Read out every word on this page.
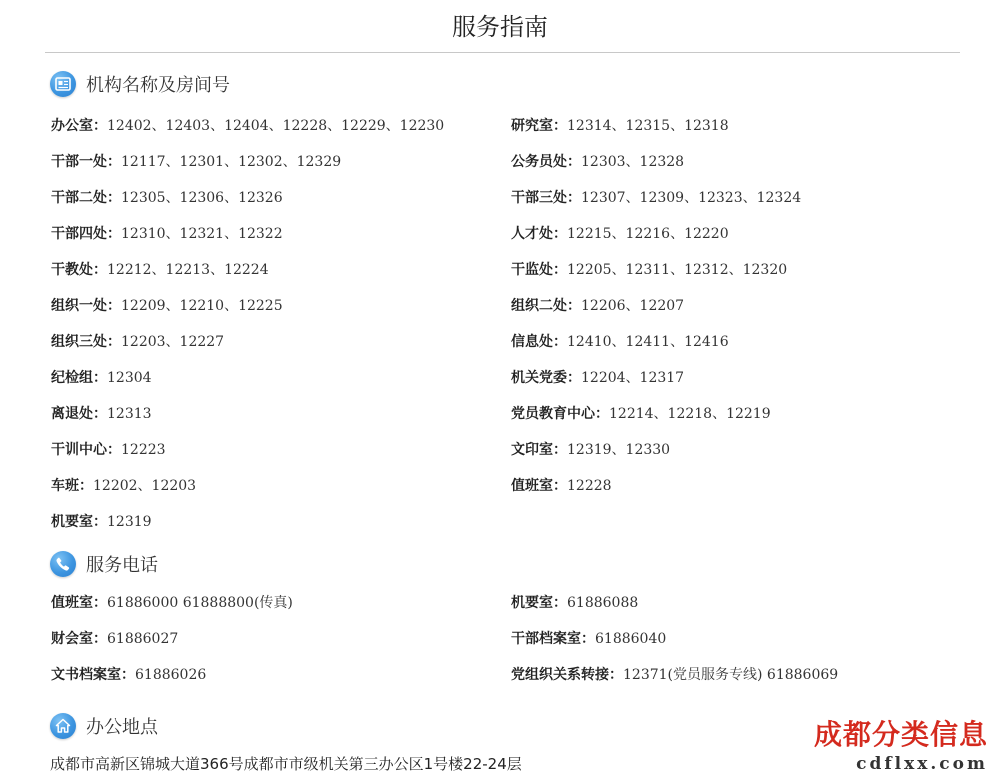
服务指南
机构名称及房间号
办公室：12402、12403、12404、12228、12229、12230
干部一处：12117、12301、12302、12329
干部二处：12305、12306、12326
干部四处：12310、12321、12322
干教处：12212、12213、12224
组织一处：12209、12210、12225
组织三处：12203、12227
纪检组：12304
离退处：12313
干训中心：12223
车班：12202、12203
机要室：12319
研究室：12314、12315、12318
公务员处：12303、12328
干部三处：12307、12309、12323、12324
人才处：12215、12216、12220
干监处：12205、12311、12312、12320
组织二处：12206、12207
信息处：12410、12411、12416
机关党委：12204、12317
党员教育中心：12214、12218、12219
文印室：12319、12330
值班室：12228
服务电话
值班室：61886000 61888800(传真)
财会室：61886027
文书档案室：61886026
机要室：61886088
干部档案室：61886040
党组织关系转接：12371(党员服务专线) 61886069
办公地点
成都市高新区锦城大道366号成都市市级机关第三办公区1号楼22-24层
成都分类信息
cdflxx.com
